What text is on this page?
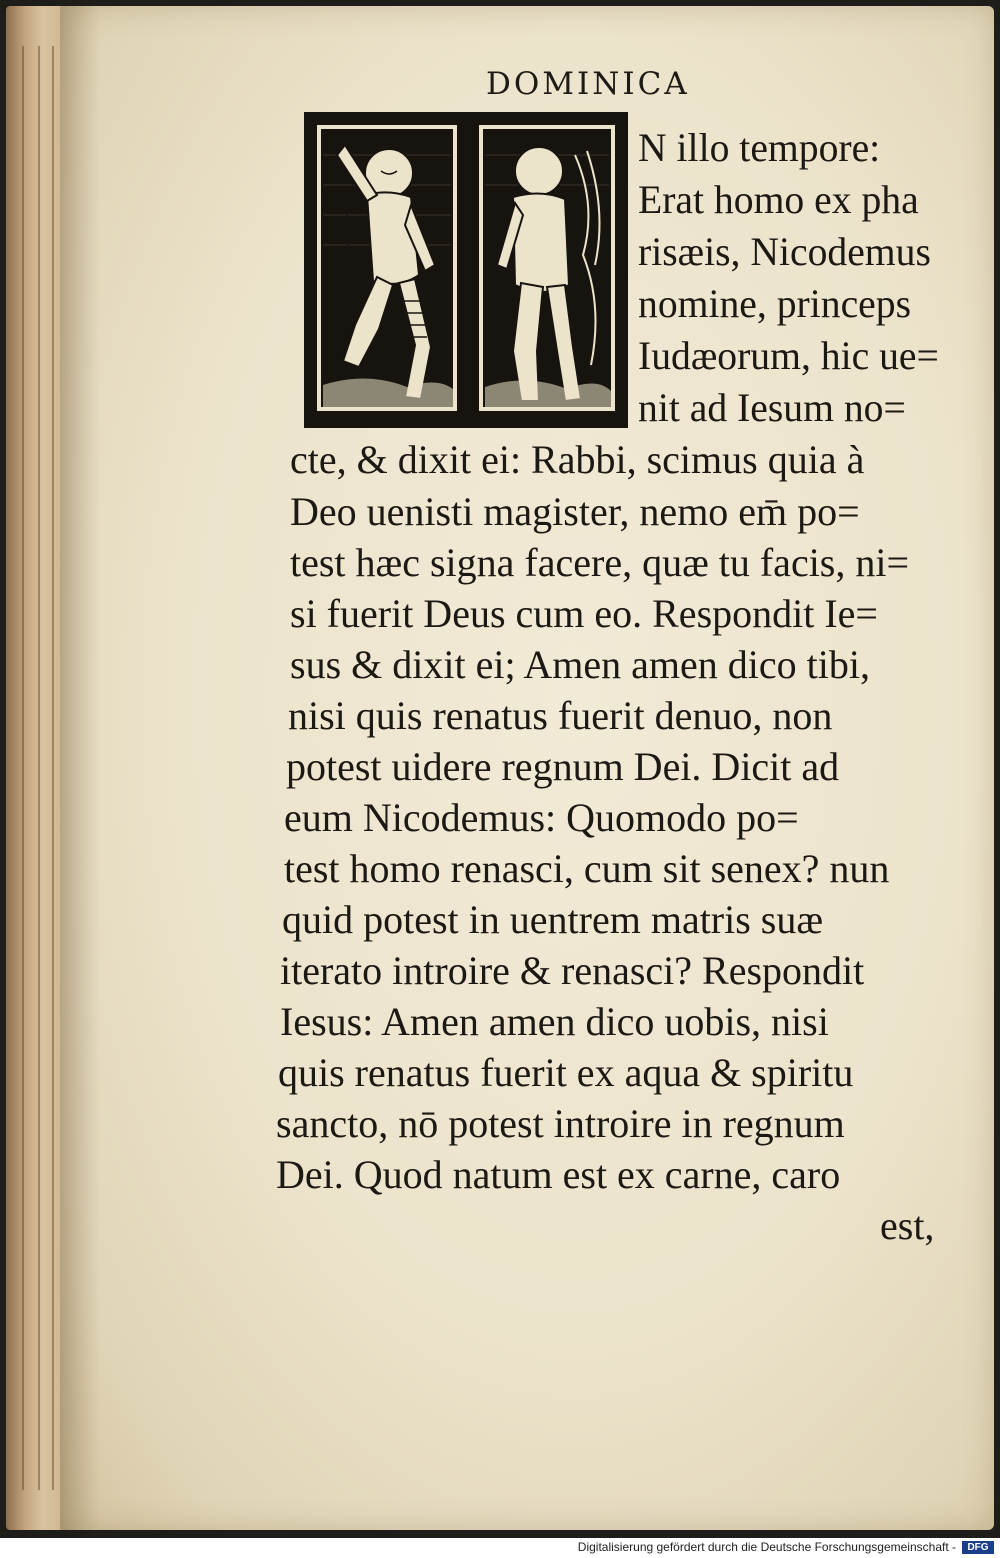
DOMINICA
N illo tempore:
Erat homo ex pha
risæis, Nicodemus
nomine, princeps
Iudæorum, hic ue=
nit ad Iesum no=
cte, & dixit ei: Rabbi, scimus quia à
Deo uenisti magister, nemo em̄ po=
test hæc signa facere, quæ tu facis, ni=
si fuerit Deus cum eo. Respondit Ie=
sus & dixit ei; Amen amen dico tibi,
nisi quis renatus fuerit denuo, non
potest uidere regnum Dei. Dicit ad
eum Nicodemus: Quomodo po=
test homo renasci, cum sit senex? nun
quid potest in uentrem matris suæ
iterato introire & renasci? Respondit
Iesus: Amen amen dico uobis, nisi
quis renatus fuerit ex aqua & spiritu
sancto, nō potest introire in regnum
Dei. Quod natum est ex carne, caro
est,
Digitalisierung gefördert durch die Deutsche Forschungsgemeinschaft -	DFG
